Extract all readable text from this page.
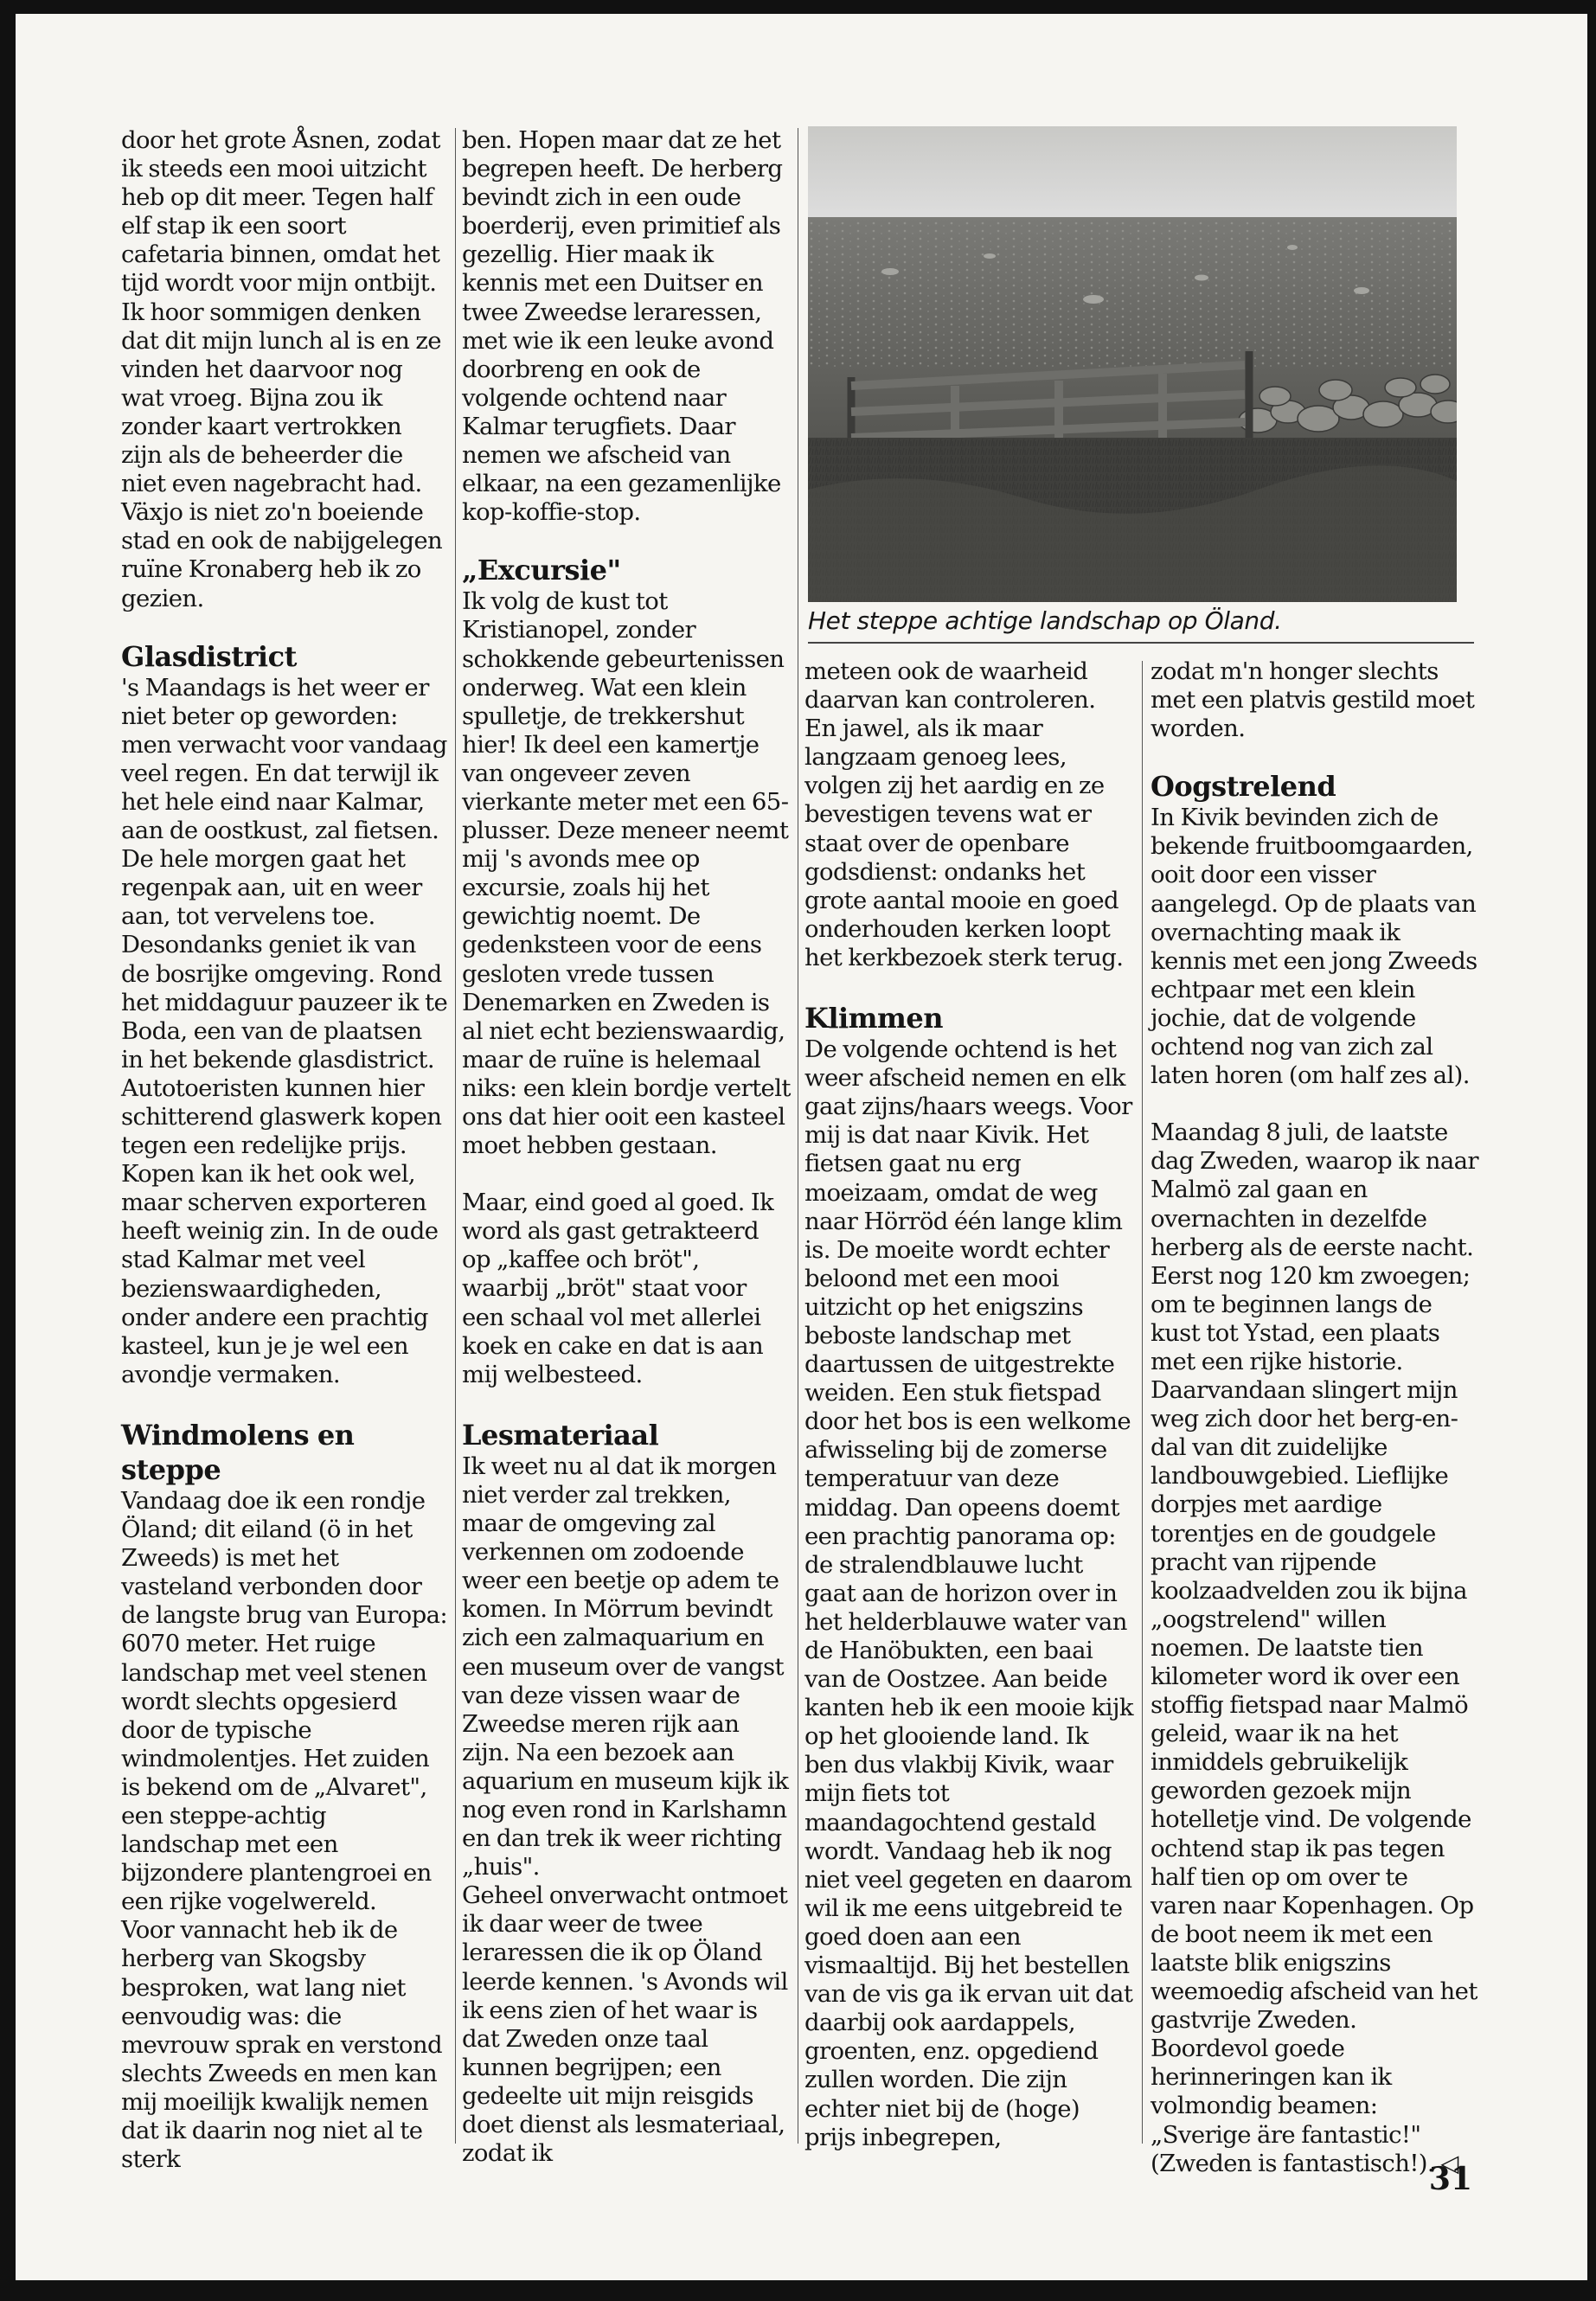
door het grote Åsnen, zodat ik steeds een mooi uitzicht heb op dit meer. Tegen half elf stap ik een soort cafetaria binnen, omdat het tijd wordt voor mijn ontbijt. Ik hoor sommigen denken dat dit mijn lunch al is en ze vinden het daarvoor nog wat vroeg. Bijna zou ik zonder kaart vertrokken zijn als de beheerder die niet even nagebracht had. Växjo is niet zo'n boeiende stad en ook de nabijgelegen ruïne Kronaberg heb ik zo gezien.

Glasdistrict

's Maandags is het weer er niet beter op geworden: men verwacht voor vandaag veel regen. En dat terwijl ik het hele eind naar Kalmar, aan de oostkust, zal fietsen. De hele morgen gaat het regenpak aan, uit en weer aan, tot vervelens toe. Desondanks geniet ik van de bosrijke omgeving. Rond het middaguur pauzeer ik te Boda, een van de plaatsen in het bekende glasdistrict. Autotoeristen kunnen hier schitterend glaswerk kopen tegen een redelijke prijs. Kopen kan ik het ook wel, maar scherven exporteren heeft weinig zin. In de oude stad Kalmar met veel bezienswaardigheden, onder andere een prachtig kasteel, kun je je wel een avondje vermaken.

Windmolens en steppe

Vandaag doe ik een rondje Öland; dit eiland (ö in het Zweeds) is met het vasteland verbonden door de langste brug van Europa: 6070 meter. Het ruige landschap met veel stenen wordt slechts opgesierd door de typische windmolentjes. Het zuiden is bekend om de „Alvaret", een steppe-achtig landschap met een bijzondere plantengroei en een rijke vogelwereld.

Voor vannacht heb ik de herberg van Skogsby besproken, wat lang niet eenvoudig was: die mevrouw sprak en verstond slechts Zweeds en men kan mij moeilijk kwalijk nemen dat ik daarin nog niet al te sterk

ben. Hopen maar dat ze het begrepen heeft. De herberg bevindt zich in een oude boerderij, even primitief als gezellig. Hier maak ik kennis met een Duitser en twee Zweedse leraressen, met wie ik een leuke avond doorbreng en ook de volgende ochtend naar Kalmar terugfiets. Daar nemen we afscheid van elkaar, na een gezamenlijke kop-koffie-stop.

„Excursie"

Ik volg de kust tot Kristianopel, zonder schokkende gebeurtenissen onderweg. Wat een klein spulletje, de trekkershut hier! Ik deel een kamertje van ongeveer zeven vierkante meter met een 65-plusser. Deze meneer neemt mij 's avonds mee op excursie, zoals hij het gewichtig noemt. De gedenksteen voor de eens gesloten vrede tussen Denemarken en Zweden is al niet echt bezienswaardig, maar de ruïne is helemaal niks: een klein bordje vertelt ons dat hier ooit een kasteel moet hebben gestaan.

Maar, eind goed al goed. Ik word als gast getrakteerd op „kaffee och bröt", waarbij „bröt" staat voor een schaal vol met allerlei koek en cake en dat is aan mij welbesteed.

Lesmateriaal

Ik weet nu al dat ik morgen niet verder zal trekken, maar de omgeving zal verkennen om zodoende weer een beetje op adem te komen. In Mörrum bevindt zich een zalmaquarium en een museum over de vangst van deze vissen waar de Zweedse meren rijk aan zijn. Na een bezoek aan aquarium en museum kijk ik nog even rond in Karlshamn en dan trek ik weer richting „huis".

Geheel onverwacht ontmoet ik daar weer de twee leraressen die ik op Öland leerde kennen. 's Avonds wil ik eens zien of het waar is dat Zweden onze taal kunnen begrijpen; een gedeelte uit mijn reisgids doet dienst als lesmateriaal, zodat ik

Het steppe achtige landschap op Öland.

meteen ook de waarheid daarvan kan controleren. En jawel, als ik maar langzaam genoeg lees, volgen zij het aardig en ze bevestigen tevens wat er staat over de openbare godsdienst: ondanks het grote aantal mooie en goed onderhouden kerken loopt het kerkbezoek sterk terug.

Klimmen

De volgende ochtend is het weer afscheid nemen en elk gaat zijns/haars weegs. Voor mij is dat naar Kivik. Het fietsen gaat nu erg moeizaam, omdat de weg naar Hörröd één lange klim is. De moeite wordt echter beloond met een mooi uitzicht op het enigszins beboste landschap met daartussen de uitgestrekte weiden. Een stuk fietspad door het bos is een welkome afwisseling bij de zomerse temperatuur van deze middag. Dan opeens doemt een prachtig panorama op: de stralendblauwe lucht gaat aan de horizon over in het helderblauwe water van de Hanöbukten, een baai van de Oostzee. Aan beide kanten heb ik een mooie kijk op het glooiende land. Ik ben dus vlakbij Kivik, waar mijn fiets tot maandagochtend gestald wordt. Vandaag heb ik nog niet veel gegeten en daarom wil ik me eens uitgebreid te goed doen aan een vismaaltijd. Bij het bestellen van de vis ga ik ervan uit dat daarbij ook aardappels, groenten, enz. opgediend zullen worden. Die zijn echter niet bij de (hoge) prijs inbegrepen,

zodat m'n honger slechts met een platvis gestild moet worden.

Oogstrelend

In Kivik bevinden zich de bekende fruitboomgaarden, ooit door een visser aangelegd. Op de plaats van overnachting maak ik kennis met een jong Zweeds echtpaar met een klein jochie, dat de volgende ochtend nog van zich zal laten horen (om half zes al).

Maandag 8 juli, de laatste dag Zweden, waarop ik naar Malmö zal gaan en overnachten in dezelfde herberg als de eerste nacht. Eerst nog 120 km zwoegen; om te beginnen langs de kust tot Ystad, een plaats met een rijke historie. Daarvandaan slingert mijn weg zich door het berg-en-dal van dit zuidelijke landbouwgebied. Lieflijke dorpjes met aardige torentjes en de goudgele pracht van rijpende koolzaadvelden zou ik bijna „oogstrelend" willen noemen. De laatste tien kilometer word ik over een stoffig fietspad naar Malmö geleid, waar ik na het inmiddels gebruikelijk geworden gezoek mijn hotelletje vind. De volgende ochtend stap ik pas tegen half tien op om over te varen naar Kopenhagen. Op de boot neem ik met een laatste blik enigszins weemoedig afscheid van het gastvrije Zweden. Boordevol goede herinneringen kan ik volmondig beamen: „Sverige äre fantastic!" (Zweden is fantastisch!). ◁

31
